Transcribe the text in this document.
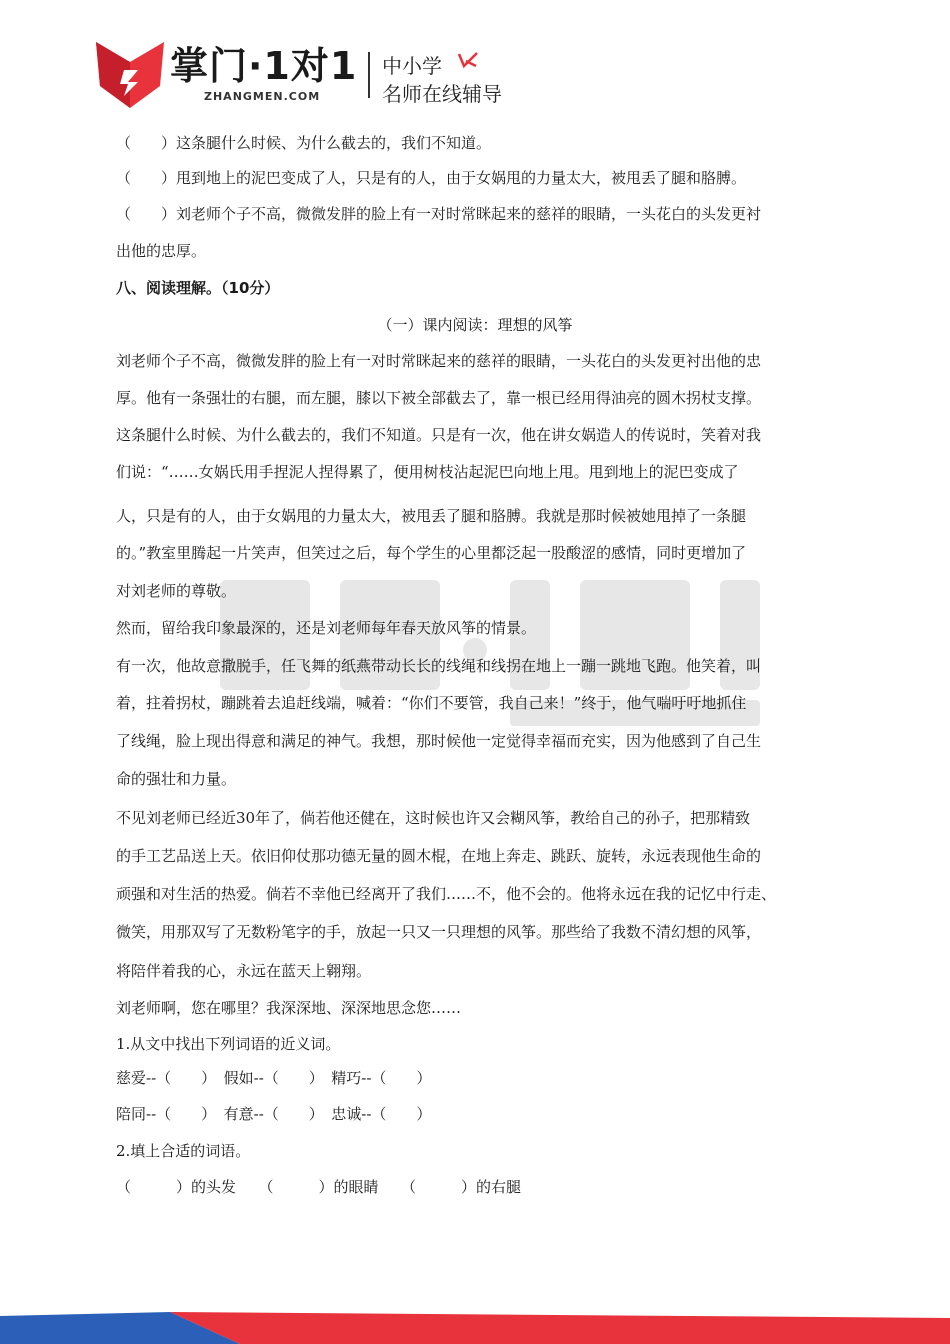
掌门·1对1
ZHANGMEN.COM
中小学
名师在线辅导
（　　）这条腿什么时候、为什么截去的，我们不知道。
（　　）甩到地上的泥巴变成了人，只是有的人，由于女娲甩的力量太大，被甩丢了腿和胳膊。
（　　）刘老师个子不高，微微发胖的脸上有一对时常眯起来的慈祥的眼睛，一头花白的头发更衬
出他的忠厚。
八、阅读理解。（10分）
（一）课内阅读：理想的风筝
刘老师个子不高，微微发胖的脸上有一对时常眯起来的慈祥的眼睛，一头花白的头发更衬出他的忠
厚。他有一条强壮的右腿，而左腿，膝以下被全部截去了，靠一根已经用得油亮的圆木拐杖支撑。
这条腿什么时候、为什么截去的，我们不知道。只是有一次，他在讲女娲造人的传说时，笑着对我
们说：“……女娲氏用手捏泥人捏得累了，便用树枝沾起泥巴向地上甩。甩到地上的泥巴变成了
人，只是有的人，由于女娲甩的力量太大，被甩丢了腿和胳膊。我就是那时候被她甩掉了一条腿
的。”教室里腾起一片笑声，但笑过之后，每个学生的心里都泛起一股酸涩的感情，同时更增加了
对刘老师的尊敬。
然而，留给我印象最深的，还是刘老师每年春天放风筝的情景。
有一次，他故意撒脱手，任飞舞的纸燕带动长长的线绳和线拐在地上一蹦一跳地飞跑。他笑着，叫
着，拄着拐杖，蹦跳着去追赶线端，喊着：“你们不要管，我自己来！”终于，他气喘吁吁地抓住
了线绳，脸上现出得意和满足的神气。我想，那时候他一定觉得幸福而充实，因为他感到了自己生
命的强壮和力量。
不见刘老师已经近30年了，倘若他还健在，这时候也许又会糊风筝，教给自己的孙子，把那精致
的手工艺品送上天。依旧仰仗那功德无量的圆木棍，在地上奔走、跳跃、旋转，永远表现他生命的
顽强和对生活的热爱。倘若不幸他已经离开了我们……不，他不会的。他将永远在我的记忆中行走、
微笑，用那双写了无数粉笔字的手，放起一只又一只理想的风筝。那些给了我数不清幻想的风筝，
将陪伴着我的心，永远在蓝天上翱翔。
刘老师啊，您在哪里？我深深地、深深地思念您……
1.从文中找出下列词语的近义词。
慈爱--（　　）　假如--（　　）　精巧--（　　）
陪同--（　　）　有意--（　　）　忠诚--（　　）
2.填上合适的词语。
（　　　）的头发　　（　　　）的眼睛　　（　　　）的右腿
